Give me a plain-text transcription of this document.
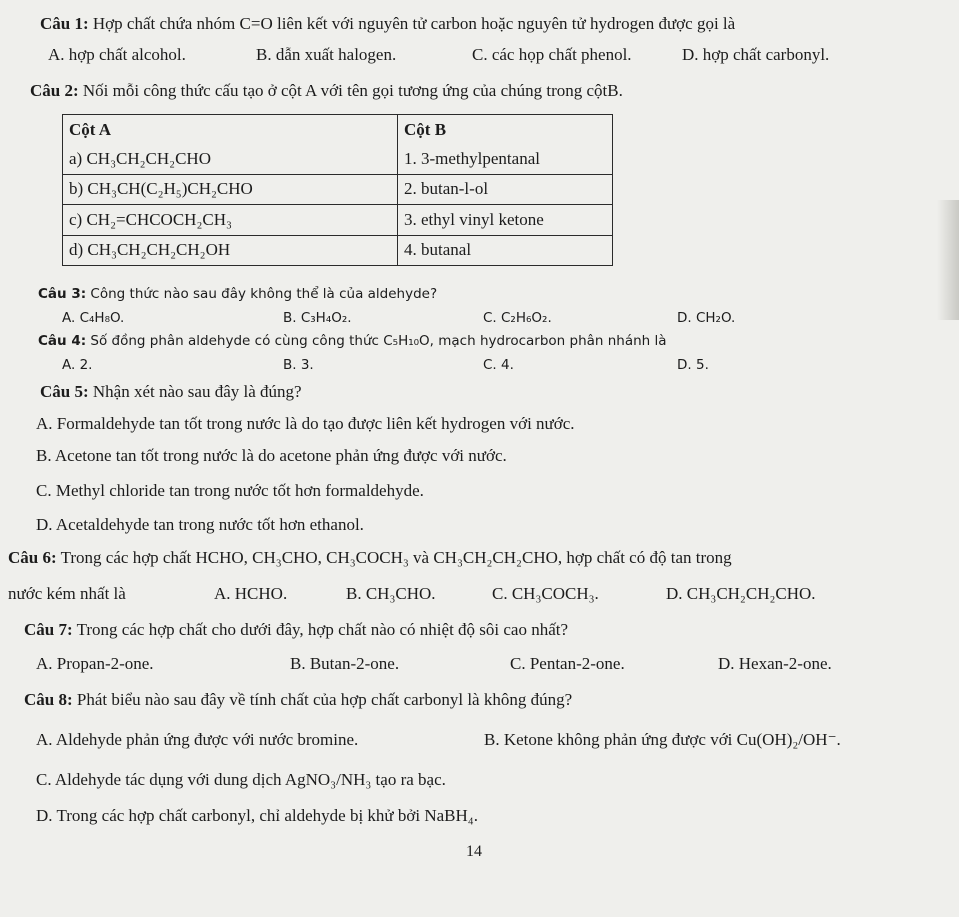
Câu 1: Hợp chất chứa nhóm C=O liên kết với nguyên tử carbon hoặc nguyên tử hydrogen được gọi là
A. hợp chất alcohol.	B. dẫn xuất halogen.	C. các họp chất phenol.	D. hợp chất carbonyl.
Câu 2: Nối mỗi công thức cấu tạo ở cột A với tên gọi tương ứng của chúng trong cộtB.
Cột A	Cột B
a) CH₃CH₂CH₂CHO	1. 3-methylpentanal
b) CH₃CH(C₂H₅)CH₂CHO	2. butan-l-ol
c) CH₂=CHCOCH₂CH₃	3. ethyl vinyl ketone
d) CH₃CH₂CH₂CH₂OH	4. butanal
Câu 3: Công thức nào sau đây không thể là của aldehyde?
A. C₄H₈O.	B. C₃H₄O₂.	C. C₂H₆O₂.	D. CH₂O.
Câu 4: Số đồng phân aldehyde có cùng công thức C₅H₁₀O, mạch hydrocarbon phân nhánh là
A. 2.	B. 3.	C. 4.	D. 5.
Câu 5: Nhận xét nào sau đây là đúng?
A. Formaldehyde tan tốt trong nước là do tạo được liên kết hydrogen với nước.
B. Acetone tan tốt trong nước là do acetone phản ứng được với nước.
C. Methyl chloride tan trong nước tốt hơn formaldehyde.
D. Acetaldehyde tan trong nước tốt hơn ethanol.
Câu 6: Trong các hợp chất HCHO, CH₃CHO, CH₃COCH₃ và CH₃CH₂CH₂CHO, hợp chất có độ tan trong
nước kém nhất là	A. HCHO.	B. CH₃CHO.	C. CH₃COCH₃.	D. CH₃CH₂CH₂CHO.
Câu 7: Trong các hợp chất cho dưới đây, hợp chất nào có nhiệt độ sôi cao nhất?
A. Propan-2-one.	B. Butan-2-one.	C. Pentan-2-one.	D. Hexan-2-one.
Câu 8: Phát biểu nào sau đây về tính chất của hợp chất carbonyl là không đúng?
A. Aldehyde phản ứng được với nước bromine.	B. Ketone không phản ứng được với Cu(OH)₂/OH⁻.
C. Aldehyde tác dụng với dung dịch AgNO₃/NH₃ tạo ra bạc.
D. Trong các hợp chất carbonyl, chỉ aldehyde bị khử bởi NaBH₄.
14
